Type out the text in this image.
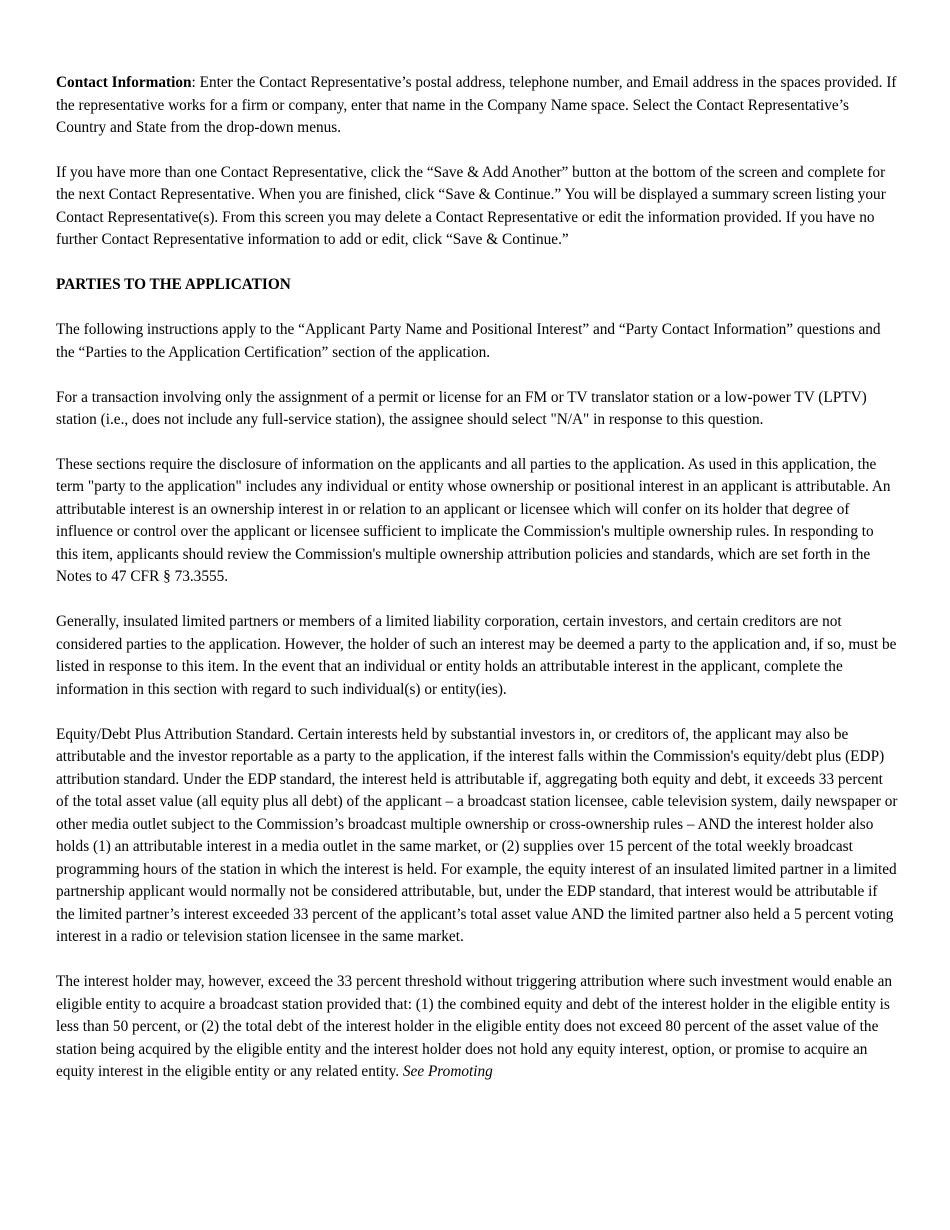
Contact Information: Enter the Contact Representative’s postal address, telephone number, and Email address in the spaces provided. If the representative works for a firm or company, enter that name in the Company Name space. Select the Contact Representative’s Country and State from the drop-down menus.

If you have more than one Contact Representative, click the “Save & Add Another” button at the bottom of the screen and complete for the next Contact Representative. When you are finished, click “Save & Continue.” You will be displayed a summary screen listing your Contact Representative(s). From this screen you may delete a Contact Representative or edit the information provided. If you have no further Contact Representative information to add or edit, click “Save & Continue.”

PARTIES TO THE APPLICATION

The following instructions apply to the “Applicant Party Name and Positional Interest” and “Party Contact Information” questions and the “Parties to the Application Certification” section of the application.

For a transaction involving only the assignment of a permit or license for an FM or TV translator station or a low-power TV (LPTV) station (i.e., does not include any full-service station), the assignee should select "N/A" in response to this question.

These sections require the disclosure of information on the applicants and all parties to the application. As used in this application, the term "party to the application" includes any individual or entity whose ownership or positional interest in an applicant is attributable. An attributable interest is an ownership interest in or relation to an applicant or licensee which will confer on its holder that degree of influence or control over the applicant or licensee sufficient to implicate the Commission's multiple ownership rules. In responding to this item, applicants should review the Commission's multiple ownership attribution policies and standards, which are set forth in the Notes to 47 CFR § 73.3555.

Generally, insulated limited partners or members of a limited liability corporation, certain investors, and certain creditors are not considered parties to the application. However, the holder of such an interest may be deemed a party to the application and, if so, must be listed in response to this item. In the event that an individual or entity holds an attributable interest in the applicant, complete the information in this section with regard to such individual(s) or entity(ies).

Equity/Debt Plus Attribution Standard. Certain interests held by substantial investors in, or creditors of, the applicant may also be attributable and the investor reportable as a party to the application, if the interest falls within the Commission's equity/debt plus (EDP) attribution standard. Under the EDP standard, the interest held is attributable if, aggregating both equity and debt, it exceeds 33 percent of the total asset value (all equity plus all debt) of the applicant – a broadcast station licensee, cable television system, daily newspaper or other media outlet subject to the Commission’s broadcast multiple ownership or cross-ownership rules – AND the interest holder also holds (1) an attributable interest in a media outlet in the same market, or (2) supplies over 15 percent of the total weekly broadcast programming hours of the station in which the interest is held. For example, the equity interest of an insulated limited partner in a limited partnership applicant would normally not be considered attributable, but, under the EDP standard, that interest would be attributable if the limited partner’s interest exceeded 33 percent of the applicant’s total asset value AND the limited partner also held a 5 percent voting interest in a radio or television station licensee in the same market.

The interest holder may, however, exceed the 33 percent threshold without triggering attribution where such investment would enable an eligible entity to acquire a broadcast station provided that: (1) the combined equity and debt of the interest holder in the eligible entity is less than 50 percent, or (2) the total debt of the interest holder in the eligible entity does not exceed 80 percent of the asset value of the station being acquired by the eligible entity and the interest holder does not hold any equity interest, option, or promise to acquire an equity interest in the eligible entity or any related entity. See Promoting
